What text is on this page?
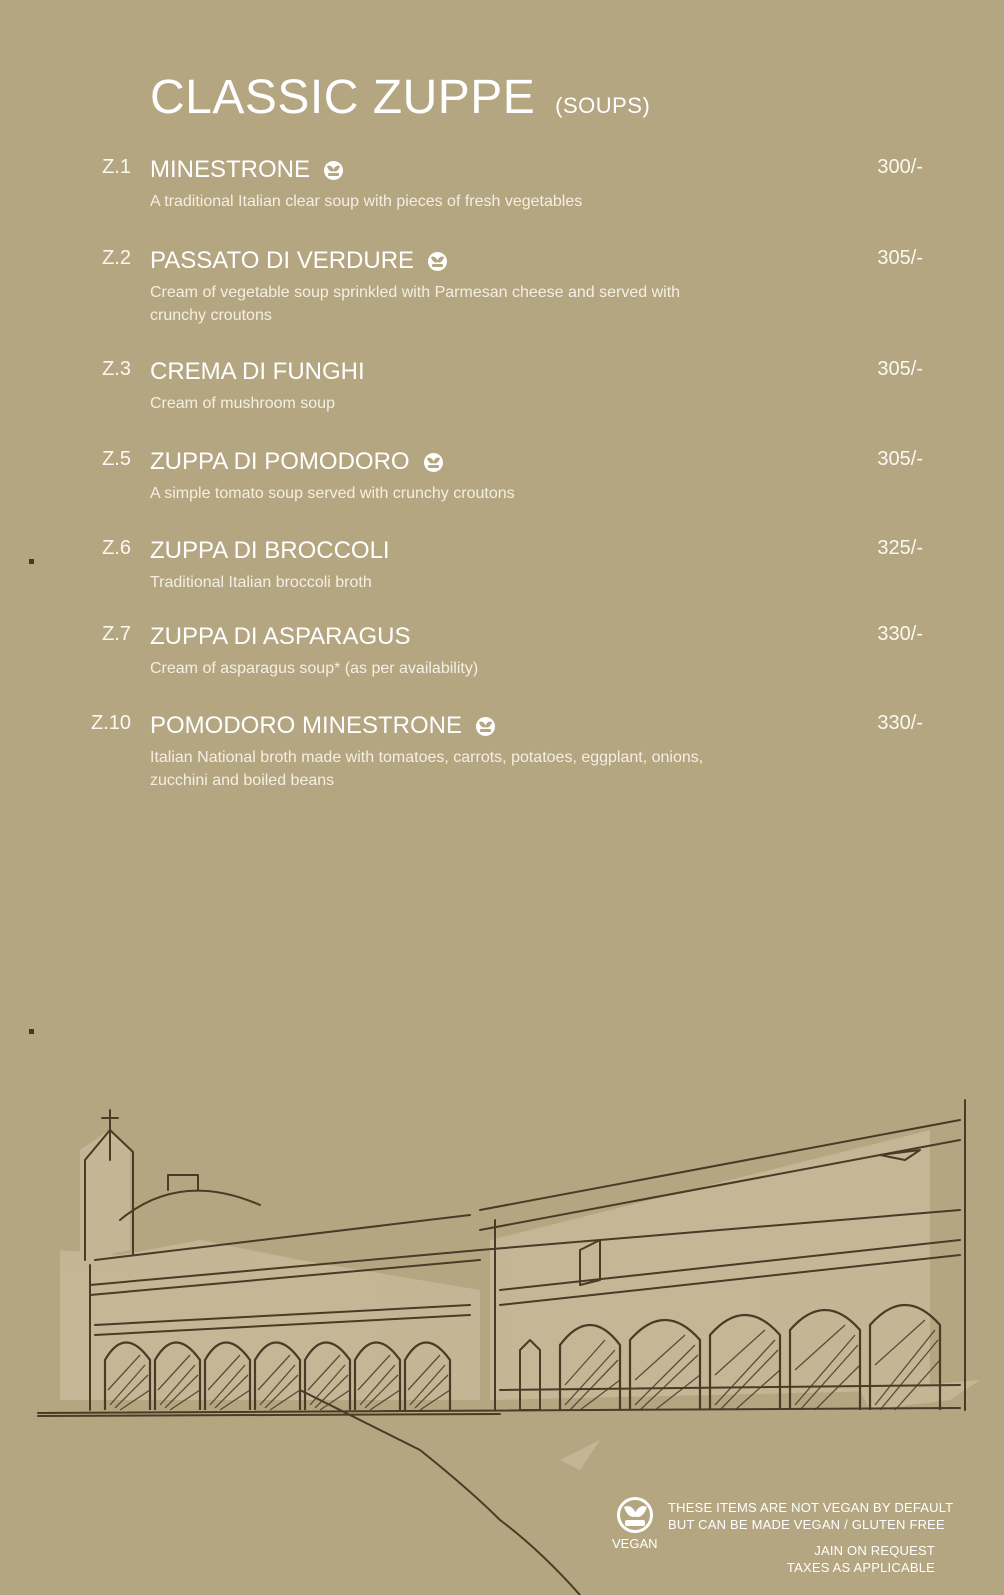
CLASSIC ZUPPE (SOUPS)
Z.1 MINESTRONE	300/-
A traditional Italian clear soup with pieces of fresh vegetables
Z.2 PASSATO DI VERDURE	305/-
Cream of vegetable soup sprinkled with Parmesan cheese and served with crunchy croutons
Z.3 CREMA DI FUNGHI	305/-
Cream of mushroom soup
Z.5 ZUPPA DI POMODORO	305/-
A simple tomato soup served with crunchy croutons
Z.6 ZUPPA DI BROCCOLI	325/-
Traditional Italian broccoli broth
Z.7 ZUPPA DI ASPARAGUS	330/-
Cream of asparagus soup* (as per availability)
Z.10 POMODORO MINESTRONE	330/-
Italian National broth made with tomatoes, carrots, potatoes, eggplant, onions, zucchini and boiled beans
VEGAN
THESE ITEMS ARE NOT VEGAN BY DEFAULT
BUT CAN BE MADE VEGAN / GLUTEN FREE
JAIN ON REQUEST
TAXES AS APPLICABLE
